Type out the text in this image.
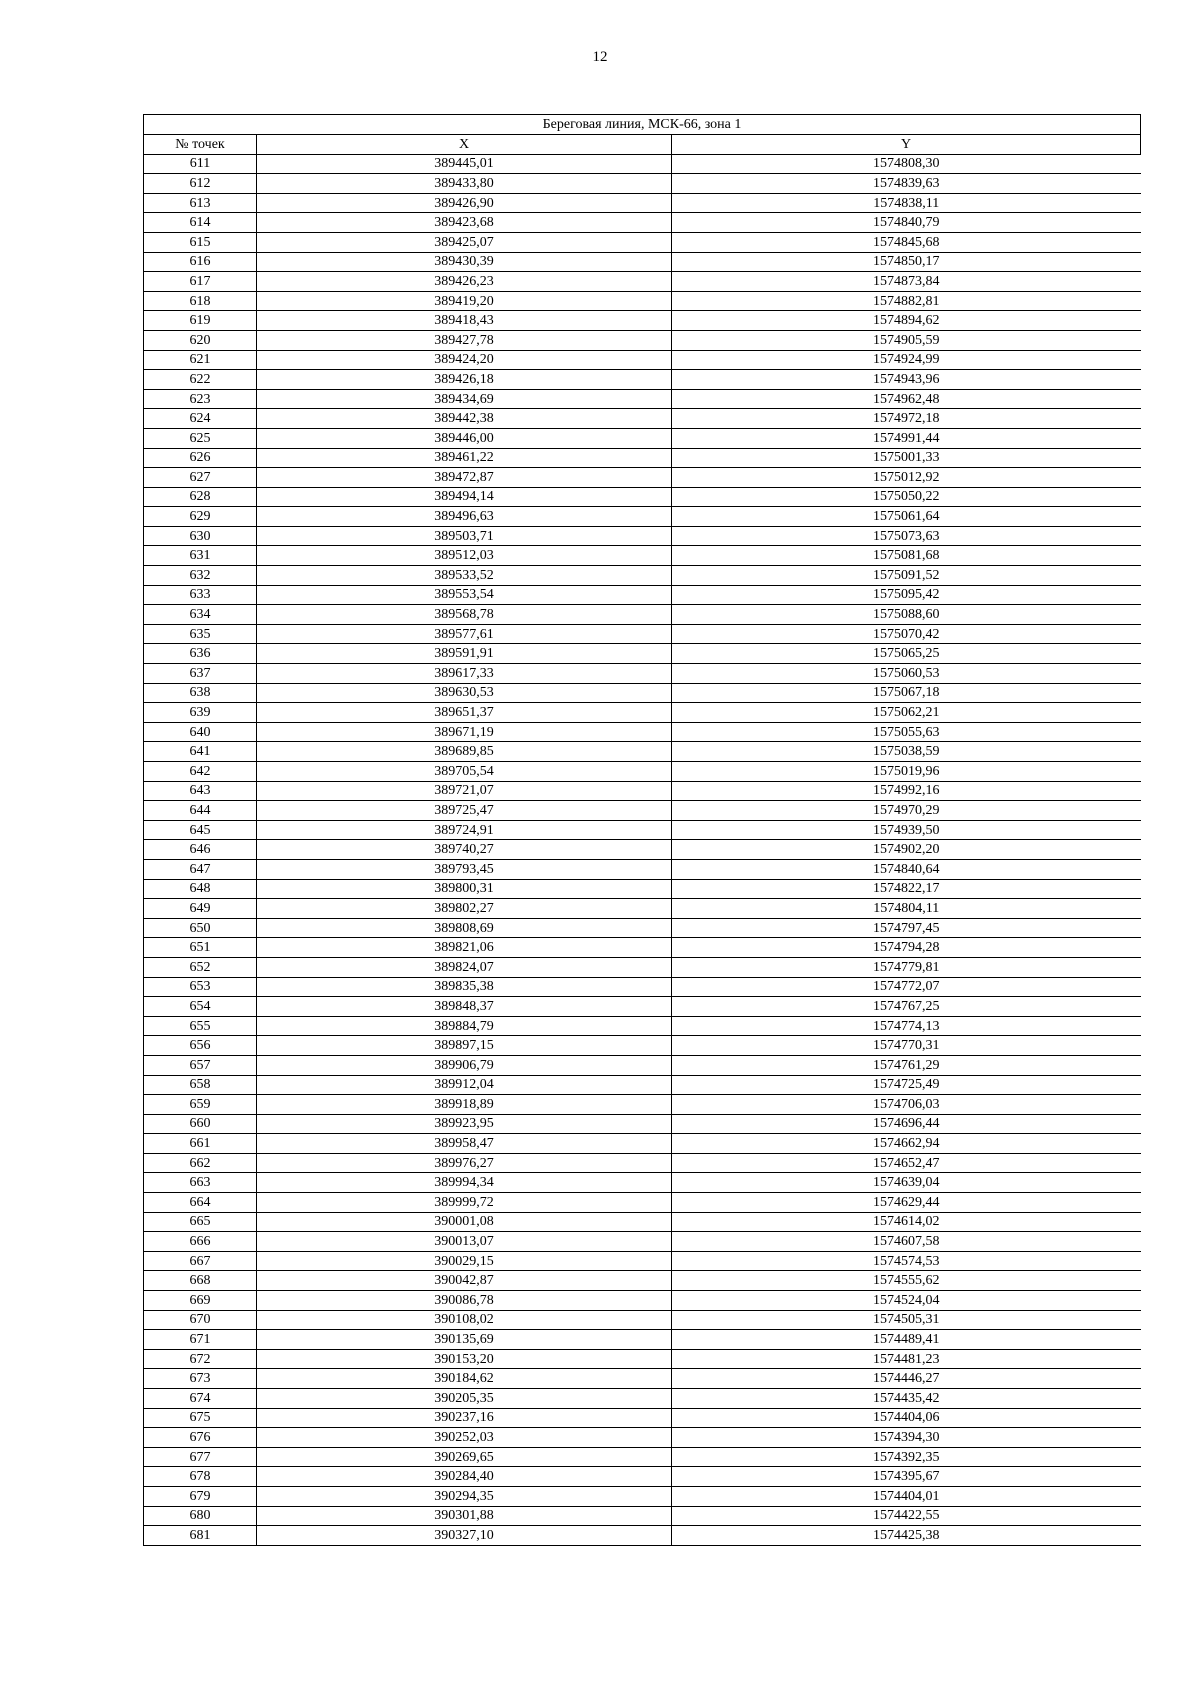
12
Береговая линия, МСК-66, зона 1		
№ точек	X	Y
611	389445,01	1574808,30
612	389433,80	1574839,63
613	389426,90	1574838,11
614	389423,68	1574840,79
615	389425,07	1574845,68
616	389430,39	1574850,17
617	389426,23	1574873,84
618	389419,20	1574882,81
619	389418,43	1574894,62
620	389427,78	1574905,59
621	389424,20	1574924,99
622	389426,18	1574943,96
623	389434,69	1574962,48
624	389442,38	1574972,18
625	389446,00	1574991,44
626	389461,22	1575001,33
627	389472,87	1575012,92
628	389494,14	1575050,22
629	389496,63	1575061,64
630	389503,71	1575073,63
631	389512,03	1575081,68
632	389533,52	1575091,52
633	389553,54	1575095,42
634	389568,78	1575088,60
635	389577,61	1575070,42
636	389591,91	1575065,25
637	389617,33	1575060,53
638	389630,53	1575067,18
639	389651,37	1575062,21
640	389671,19	1575055,63
641	389689,85	1575038,59
642	389705,54	1575019,96
643	389721,07	1574992,16
644	389725,47	1574970,29
645	389724,91	1574939,50
646	389740,27	1574902,20
647	389793,45	1574840,64
648	389800,31	1574822,17
649	389802,27	1574804,11
650	389808,69	1574797,45
651	389821,06	1574794,28
652	389824,07	1574779,81
653	389835,38	1574772,07
654	389848,37	1574767,25
655	389884,79	1574774,13
656	389897,15	1574770,31
657	389906,79	1574761,29
658	389912,04	1574725,49
659	389918,89	1574706,03
660	389923,95	1574696,44
661	389958,47	1574662,94
662	389976,27	1574652,47
663	389994,34	1574639,04
664	389999,72	1574629,44
665	390001,08	1574614,02
666	390013,07	1574607,58
667	390029,15	1574574,53
668	390042,87	1574555,62
669	390086,78	1574524,04
670	390108,02	1574505,31
671	390135,69	1574489,41
672	390153,20	1574481,23
673	390184,62	1574446,27
674	390205,35	1574435,42
675	390237,16	1574404,06
676	390252,03	1574394,30
677	390269,65	1574392,35
678	390284,40	1574395,67
679	390294,35	1574404,01
680	390301,88	1574422,55
681	390327,10	1574425,38
